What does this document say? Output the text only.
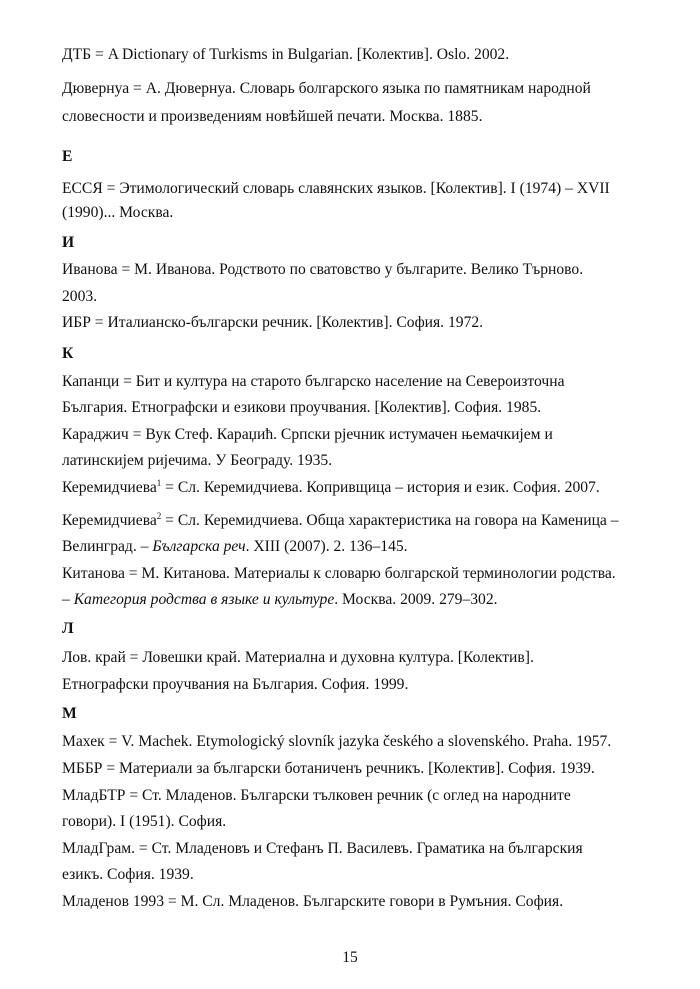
ДТБ = A Dictionary of Turkisms in Bulgarian. [Колектив]. Oslo. 2002.
Дювернуа = А. Дювернуа. Словарь болгарского языка по памятникам народной
словесности и произведениям новѣйшей печати. Москва. 1885.
Е
ЕССЯ = Этимологический словарь славянских языков. [Колектив]. I (1974) – XVII
(1990)... Москва.
И
Иванова = М. Иванова. Родството по сватовство у българите. Велико Търново.
2003.
ИБР = Италианско-български речник. [Колектив]. София. 1972.
К
Капанци = Бит и култура на старото българско население на Североизточна
България. Етнографски и езикови проучвания. [Колектив]. София. 1985.
Караджич = Вук Стеф. Караџић. Српски рјечник истумачен њемачкијем и
латинскијем ријечима. У Београду. 1935.
Керемидчиева$^1$ = Сл. Керемидчиева. Копривщица – история и език. София. 2007.
Керемидчиева$^2$ = Сл. Керемидчиева. Обща характеристика на говора на Каменица –
Велинград. – Българска реч. XIII (2007). 2. 136–145.
Китанова = М. Китанова. Материалы к словарю болгарской терминологии родства.
– Категория родства в языке и культуре. Москва. 2009. 279–302.
Л
Лов. край = Ловешки край. Материална и духовна култура. [Колектив].
Етнографски проучвания на България. София. 1999.
М
Махек = V. Machek. Etymologický slovník jazyka českého a slovenského. Praha. 1957.
МББР = Материали за български ботаниченъ речникъ. [Колектив]. София. 1939.
МладБТР = Ст. Младенов. Български тълковен речник (с оглед на народните
говори). I (1951). София.
МладГрам. = Ст. Младеновъ и Стефанъ П. Василевъ. Граматика на българския
езикъ. София. 1939.
Младенов 1993 = М. Сл. Младенов. Българските говори в Румъния. София.
15
